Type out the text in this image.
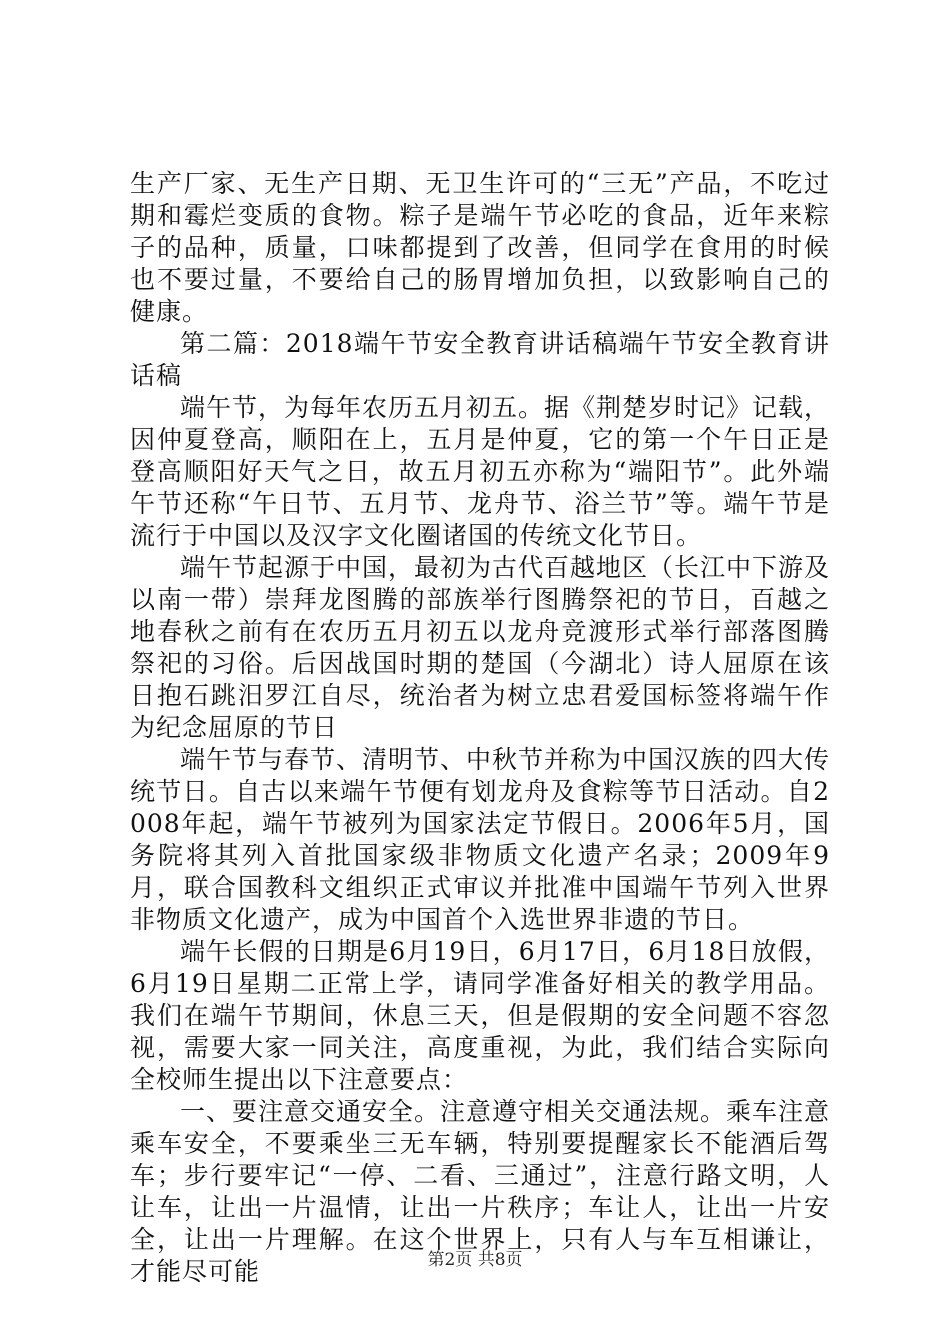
生产厂家、无生产日期、无卫生许可的“三无”产品，不吃过期和霉烂变质的食物。粽子是端午节必吃的食品，近年来粽子的品种，质量，口味都提到了改善，但同学在食用的时候也不要过量，不要给自己的肠胃增加负担，以致影响自己的健康。

第二篇：2018端午节安全教育讲话稿端午节安全教育讲话稿

端午节，为每年农历五月初五。据《荆楚岁时记》记载，因仲夏登高，顺阳在上，五月是仲夏，它的第一个午日正是登高顺阳好天气之日，故五月初五亦称为“端阳节”。此外端午节还称“午日节、五月节、龙舟节、浴兰节”等。端午节是流行于中国以及汉字文化圈诸国的传统文化节日。

端午节起源于中国，最初为古代百越地区（长江中下游及以南一带）崇拜龙图腾的部族举行图腾祭祀的节日，百越之地春秋之前有在农历五月初五以龙舟竞渡形式举行部落图腾祭祀的习俗。后因战国时期的楚国（今湖北）诗人屈原在该日抱石跳汨罗江自尽，统治者为树立忠君爱国标签将端午作为纪念屈原的节日

端午节与春节、清明节、中秋节并称为中国汉族的四大传统节日。自古以来端午节便有划龙舟及食粽等节日活动。自2008年起，端午节被列为国家法定节假日。2006年5月，国务院将其列入首批国家级非物质文化遗产名录；2009年9月，联合国教科文组织正式审议并批准中国端午节列入世界非物质文化遗产，成为中国首个入选世界非遗的节日。

端午长假的日期是6月19日，6月17日，6月18日放假，6月19日星期二正常上学，请同学准备好相关的教学用品。我们在端午节期间，休息三天，但是假期的安全问题不容忽视，需要大家一同关注，高度重视，为此，我们结合实际向全校师生提出以下注意要点：

一、要注意交通安全。注意遵守相关交通法规。乘车注意乘车安全，不要乘坐三无车辆，特别要提醒家长不能酒后驾车；步行要牢记“一停、二看、三通过”，注意行路文明，人让车，让出一片温情，让出一片秩序；车让人，让出一片安全，让出一片理解。在这个世界上，只有人与车互相谦让，才能尽可能	第2页 共8页
